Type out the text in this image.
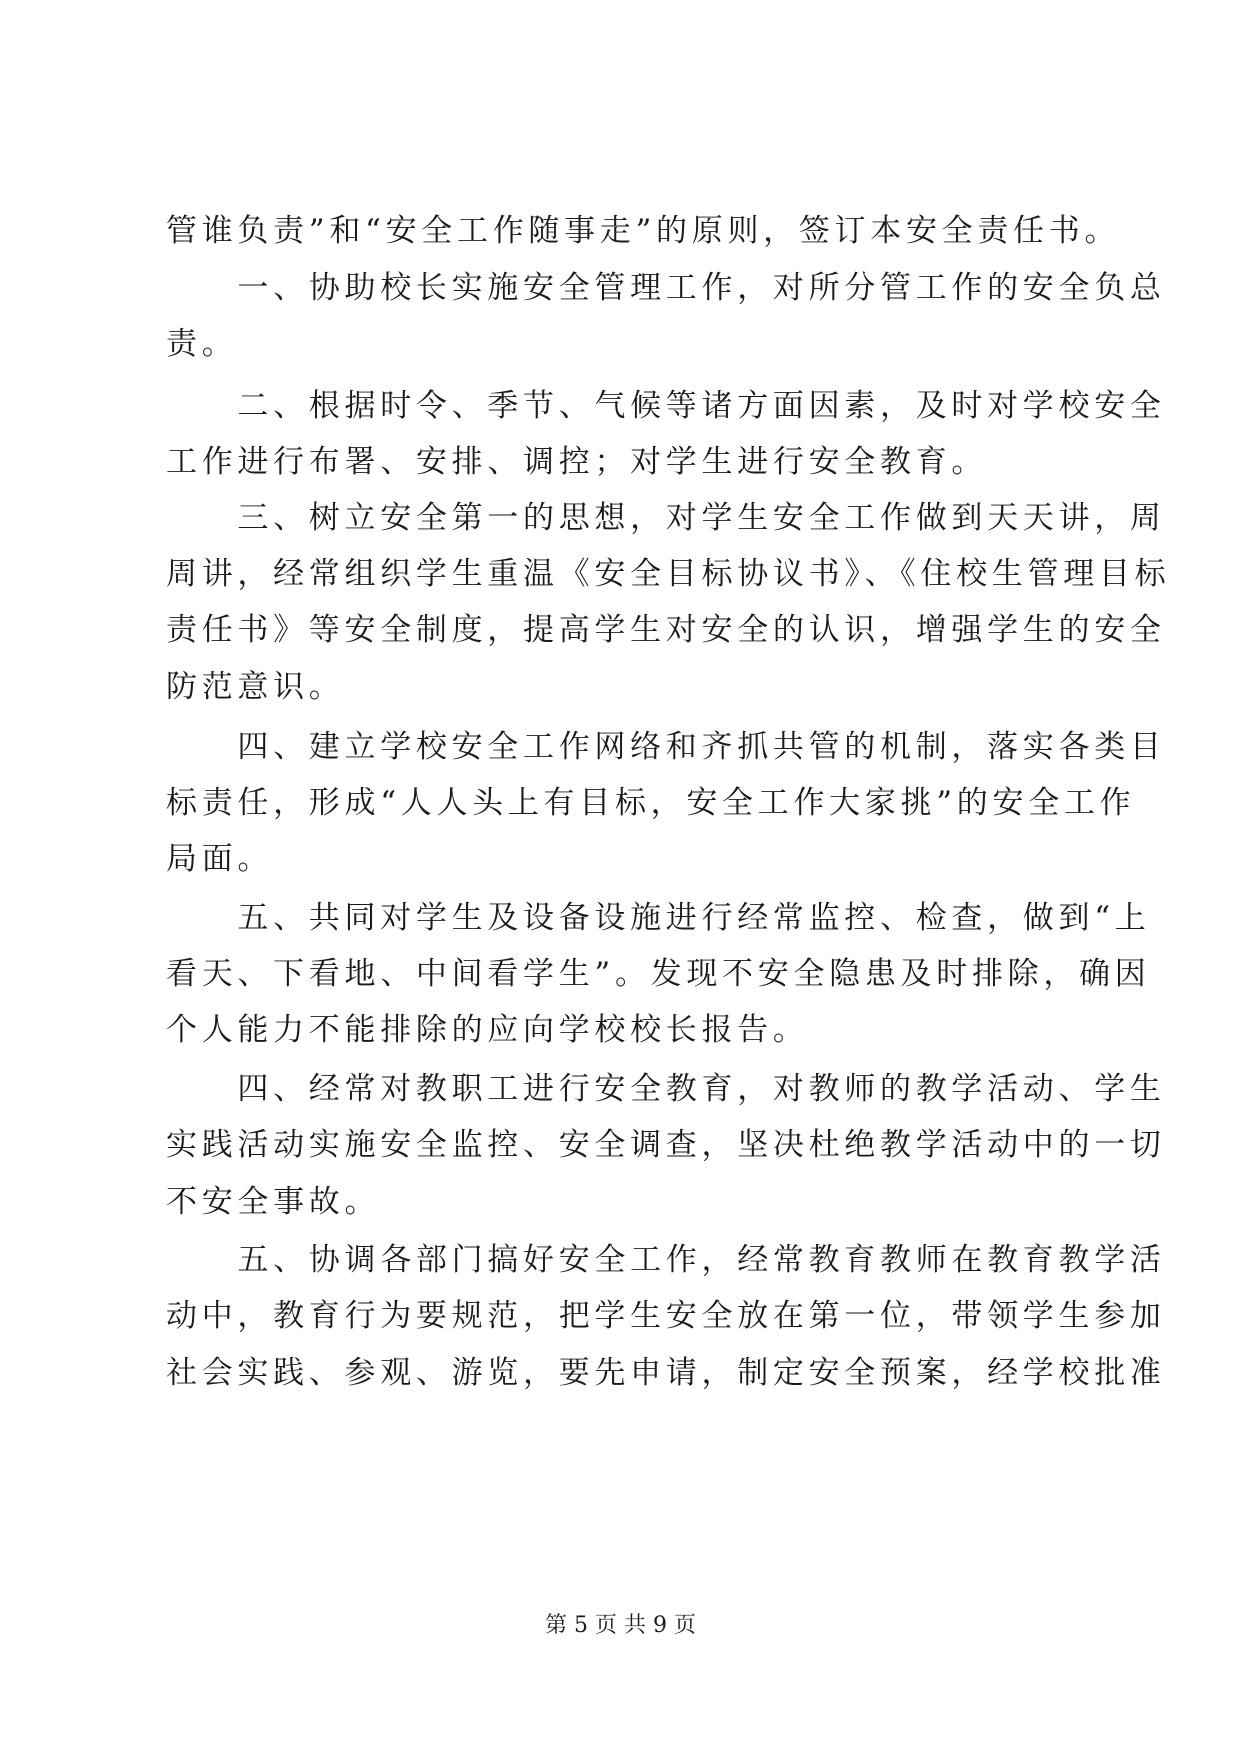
管谁负责”和“安全工作随事走”的原则，签订本安全责任书。
　　一、协助校长实施安全管理工作，对所分管工作的安全负总
责。
　　二、根据时令、季节、气候等诸方面因素，及时对学校安全
工作进行布署、安排、调控；对学生进行安全教育。
　　三、树立安全第一的思想，对学生安全工作做到天天讲，周
周讲，经常组织学生重温《安全目标协议书》、《住校生管理目标
责任书》等安全制度，提高学生对安全的认识，增强学生的安全
防范意识。
　　四、建立学校安全工作网络和齐抓共管的机制，落实各类目
标责任，形成“人人头上有目标，安全工作大家挑”的安全工作
局面。
　　五、共同对学生及设备设施进行经常监控、检查，做到“上
看天、下看地、中间看学生”。发现不安全隐患及时排除，确因
个人能力不能排除的应向学校校长报告。
　　四、经常对教职工进行安全教育，对教师的教学活动、学生
实践活动实施安全监控、安全调查，坚决杜绝教学活动中的一切
不安全事故。
　　五、协调各部门搞好安全工作，经常教育教师在教育教学活
动中，教育行为要规范，把学生安全放在第一位，带领学生参加
社会实践、参观、游览，要先申请，制定安全预案，经学校批准
第 5 页 共 9 页
